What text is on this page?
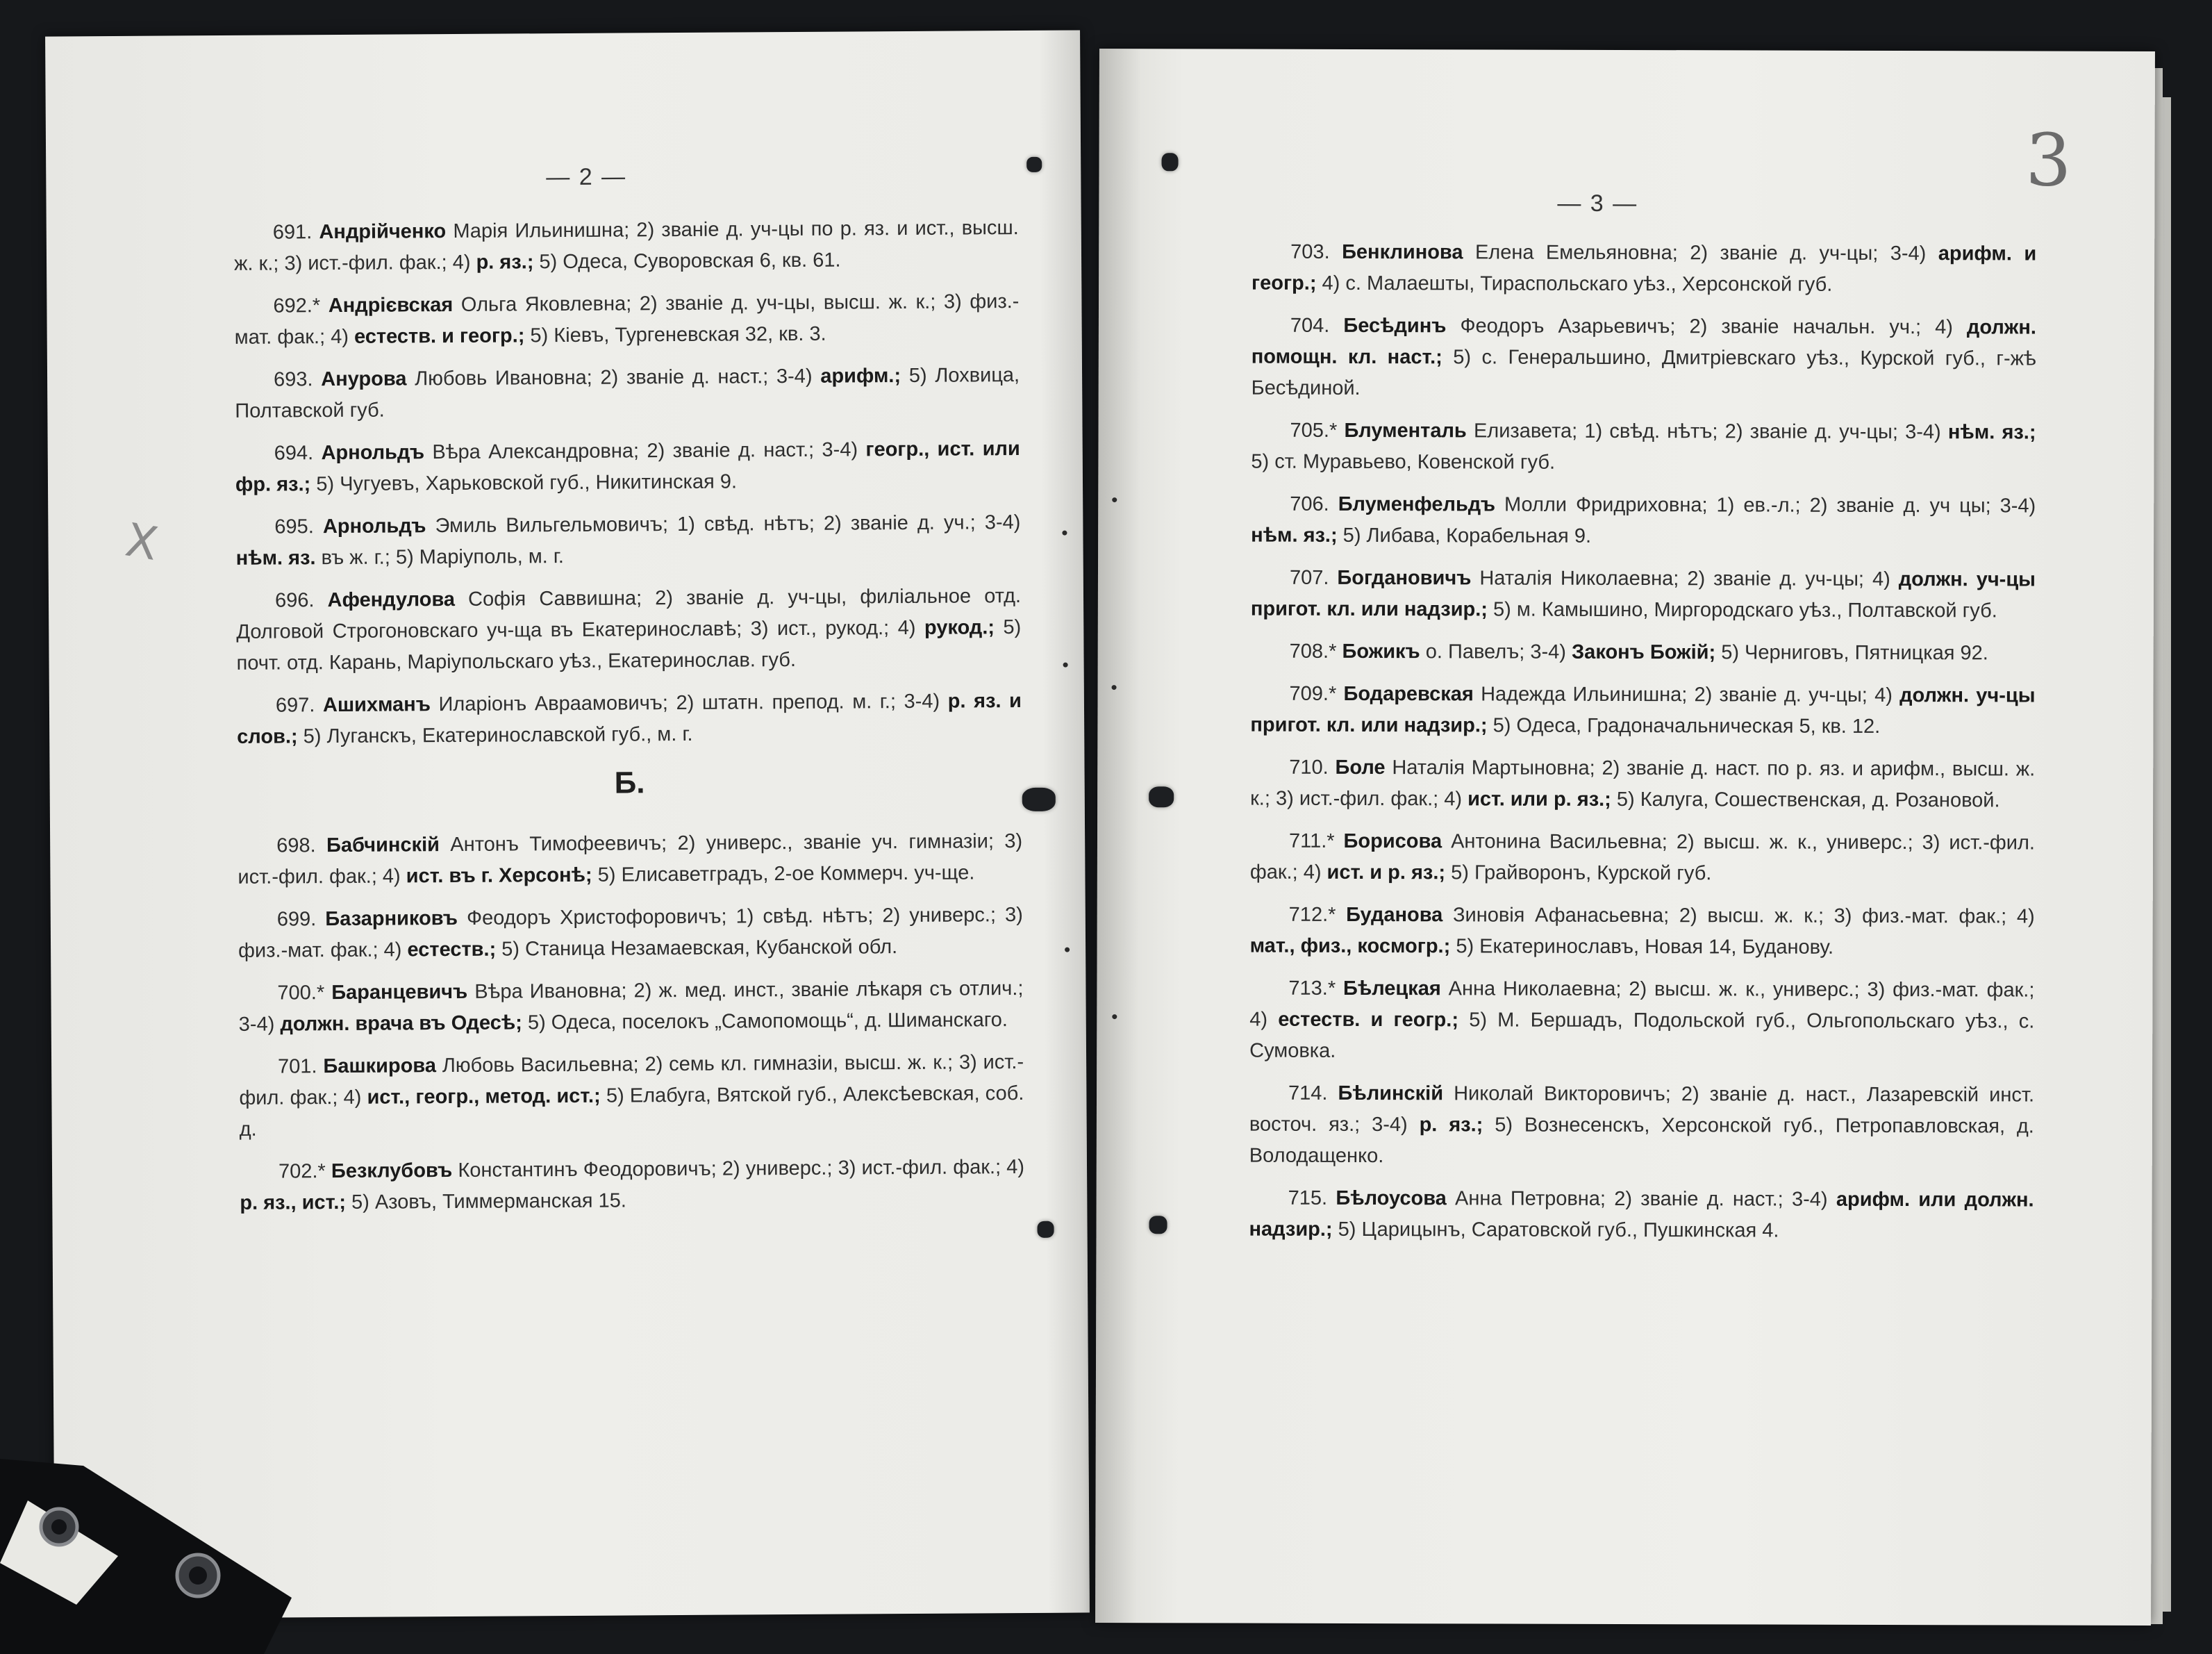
— 2 —
X

691. Андрійченко Марія Ильинишна; 2) званіе д. уч-цы по р. яз. и ист., высш. ж. к.; 3) ист.-фил. фак.; 4) р. яз.; 5) Одеса, Суворовская 6, кв. 61.

692.* Андрієвская Ольга Яковлевна; 2) званіе д. уч-цы, высш. ж. к.; 3) физ.-мат. фак.; 4) естеств. и геогр.; 5) Кіевъ, Тургеневская 32, кв. 3.

693. Анурова Любовь Ивановна; 2) званіе д. наст.; 3-4) арифм.; 5) Лохвица, Полтавской губ.

694. Арнольдъ Вѣра Александровна; 2) званіе д. наст.; 3-4) геогр., ист. или фр. яз.; 5) Чугуевъ, Харьковской губ., Никитинская 9.

695. Арнольдъ Эмиль Вильгельмовичъ; 1) свѣд. нѣтъ; 2) званіе д. уч.; 3-4) нѣм. яз. въ ж. г.; 5) Маріуполь, м. г.

696. Афендулова Софія Саввишна; 2) званіе д. уч-цы, филіальное отд. Долговой Строгоновскаго уч-ща въ Екатеринославѣ; 3) ист., рукод.; 4) рукод.; 5) почт. отд. Карань, Маріупольскаго уѣз., Екатеринослав. губ.

697. Ашихманъ Иларіонъ Авраамовичъ; 2) штатн. препод. м. г.; 3-4) р. яз. и слов.; 5) Луганскъ, Екатеринославской губ., м. г.

Б.

698. Бабчинскій Антонъ Тимофеевичъ; 2) универс., званіе уч. гимназіи; 3) ист.-фил. фак.; 4) ист. въ г. Херсонѣ; 5) Елисаветградъ, 2-ое Коммерч. уч-ще.

699. Базарниковъ Феодоръ Христофоровичъ; 1) свѣд. нѣтъ; 2) универс.; 3) физ.-мат. фак.; 4) естеств.; 5) Станица Незамаевская, Кубанской обл.

700.* Баранцевичъ Вѣра Ивановна; 2) ж. мед. инст., званіе лѣкаря съ отлич.; 3-4) должн. врача въ Одесѣ; 5) Одеса, поселокъ „Самопомощь“, д. Шиманскаго.

701. Башкирова Любовь Васильевна; 2) семь кл. гимназіи, высш. ж. к.; 3) ист.-фил. фак.; 4) ист., геогр., метод. ист.; 5) Елабуга, Вятской губ., Алексѣевская, соб. д.

702.* Безклубовъ Константинъ Феодоровичъ; 2) универс.; 3) ист.-фил. фак.; 4) р. яз., ист.; 5) Азовъ, Тиммерманская 15.

— 3 —
3

703. Бенклинова Елена Емельяновна; 2) званіе д. уч-цы; 3-4) арифм. и геогр.; 4) с. Малаешты, Тираспольскаго уѣз., Херсонской губ.

704. Бесѣдинъ Феодоръ Азарьевичъ; 2) званіе начальн. уч.; 4) должн. помощн. кл. наст.; 5) с. Генеральшино, Дмитріевскаго уѣз., Курской губ., г-жѣ Бесѣдиной.

705.* Блументаль Елизавета; 1) свѣд. нѣтъ; 2) званіе д. уч-цы; 3-4) нѣм. яз.; 5) ст. Муравьево, Ковенской губ.

706. Блуменфельдъ Молли Фридриховна; 1) ев.-л.; 2) званіе д. уч цы; 3-4) нѣм. яз.; 5) Либава, Корабельная 9.

707. Богдановичъ Наталія Николаевна; 2) званіе д. уч-цы; 4) должн. уч-цы пригот. кл. или надзир.; 5) м. Камышино, Миргородскаго уѣз., Полтавской губ.

708.* Божикъ о. Павелъ; 3-4) Законъ Божій; 5) Черниговъ, Пятницкая 92.

709.* Бодаревская Надежда Ильинишна; 2) званіе д. уч-цы; 4) должн. уч-цы пригот. кл. или надзир.; 5) Одеса, Градоначальническая 5, кв. 12.

710. Боле Наталія Мартыновна; 2) званіе д. наст. по р. яз. и арифм., высш. ж. к.; 3) ист.-фил. фак.; 4) ист. или р. яз.; 5) Калуга, Сошественская, д. Розановой.

711.* Борисова Антонина Васильевна; 2) высш. ж. к., универс.; 3) ист.-фил. фак.; 4) ист. и р. яз.; 5) Грайворонъ, Курской губ.

712.* Буданова Зиновія Афанасьевна; 2) высш. ж. к.; 3) физ.-мат. фак.; 4) мат., физ., космогр.; 5) Екатеринославъ, Новая 14, Буданову.

713.* Бѣлецкая Анна Николаевна; 2) высш. ж. к., универс.; 3) физ.-мат. фак.; 4) естеств. и геогр.; 5) М. Бершадъ, Подольской губ., Ольгопольскаго уѣз., с. Сумовка.

714. Бѣлинскій Николай Викторовичъ; 2) званіе д. наст., Лазаревскій инст. восточ. яз.; 3-4) р. яз.; 5) Вознесенскъ, Херсонской губ., Петропавловская, д. Володащенко.

715. Бѣлоусова Анна Петровна; 2) званіе д. наст.; 3-4) арифм. или должн. надзир.; 5) Царицынъ, Саратовской губ., Пушкинская 4.
